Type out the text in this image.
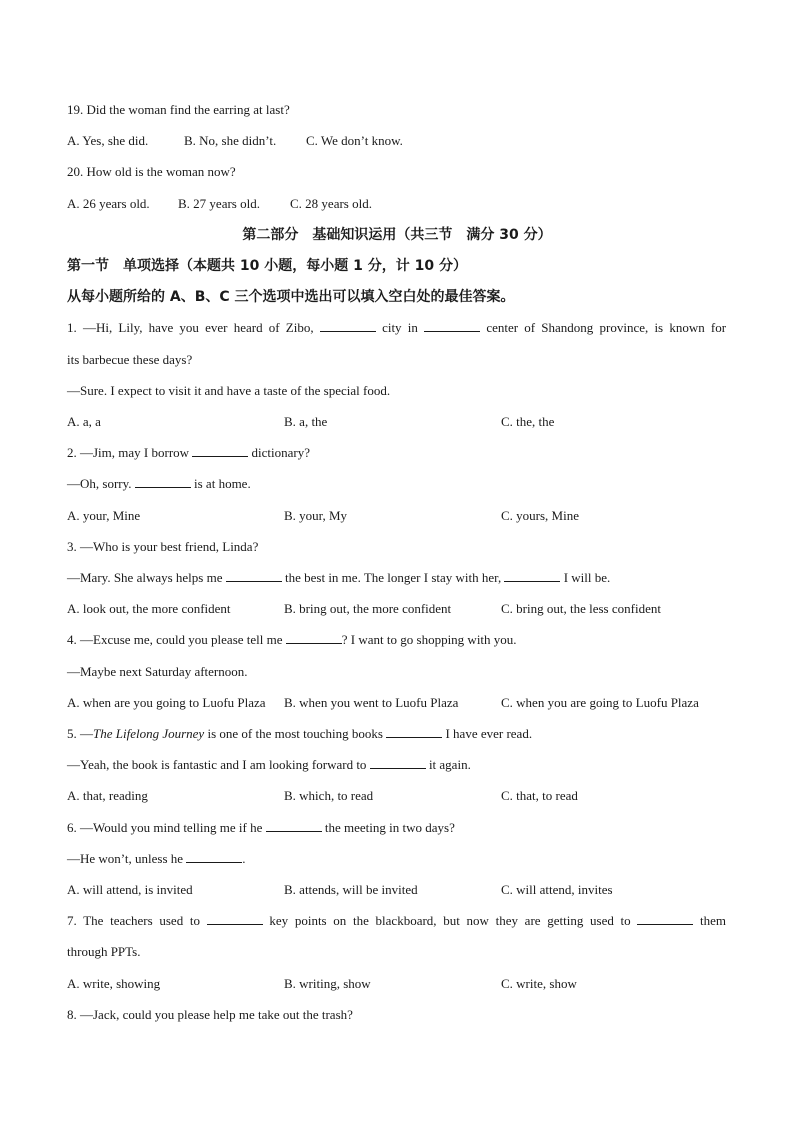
19. Did the woman find the earring at last?
A. Yes, she did.	B. No, she didn’t. C. We don’t know.
20. How old is the woman now?
A. 26 years old. B. 27 years old. C. 28 years old.
第二部分　基础知识运用（共三节　满分 30 分）
第一节　单项选择（本题共 10 小题，每小题 1 分，计 10 分）
从每小题所给的 A、B、C 三个选项中选出可以填入空白处的最佳答案。
1. —Hi, Lily, have you ever heard of Zibo,	city in	center of Shandong province, is known for
its barbecue these days?
—Sure. I expect to visit it and have a taste of the special food.
A. a, a	B. a, the	C. the, the
2. —Jim, may I borrow	dictionary?
—Oh, sorry.	is at home.
A. your, Mine	B. your, My	C. yours, Mine
3. —Who is your best friend, Linda?
—Mary. She always helps me	the best in me. The longer I stay with her,	I will be.
A. look out, the more confident	B. bring out, the more confident	C. bring out, the less confident
4. —Excuse me, could you please tell me	? I want to go shopping with you.
—Maybe next Saturday afternoon.
A. when are you going to Luofu Plaza B. when you went to Luofu Plaza	C. when you are going to Luofu Plaza
5. —The Lifelong Journey is one of the most touching books	I have ever read.
—Yeah, the book is fantastic and I am looking forward to	it again.
A. that, reading	B. which, to read	C. that, to read
6. —Would you mind telling me if he	the meeting in two days?
—He won’t, unless he	.
A. will attend, is invited	B. attends, will be invited	C. will attend, invites
7. The teachers used to	key points on the blackboard, but now they are getting used to	them
through PPTs.
A. write, showing	B. writing, show	C. write, show
8. —Jack, could you please help me take out the trash?
